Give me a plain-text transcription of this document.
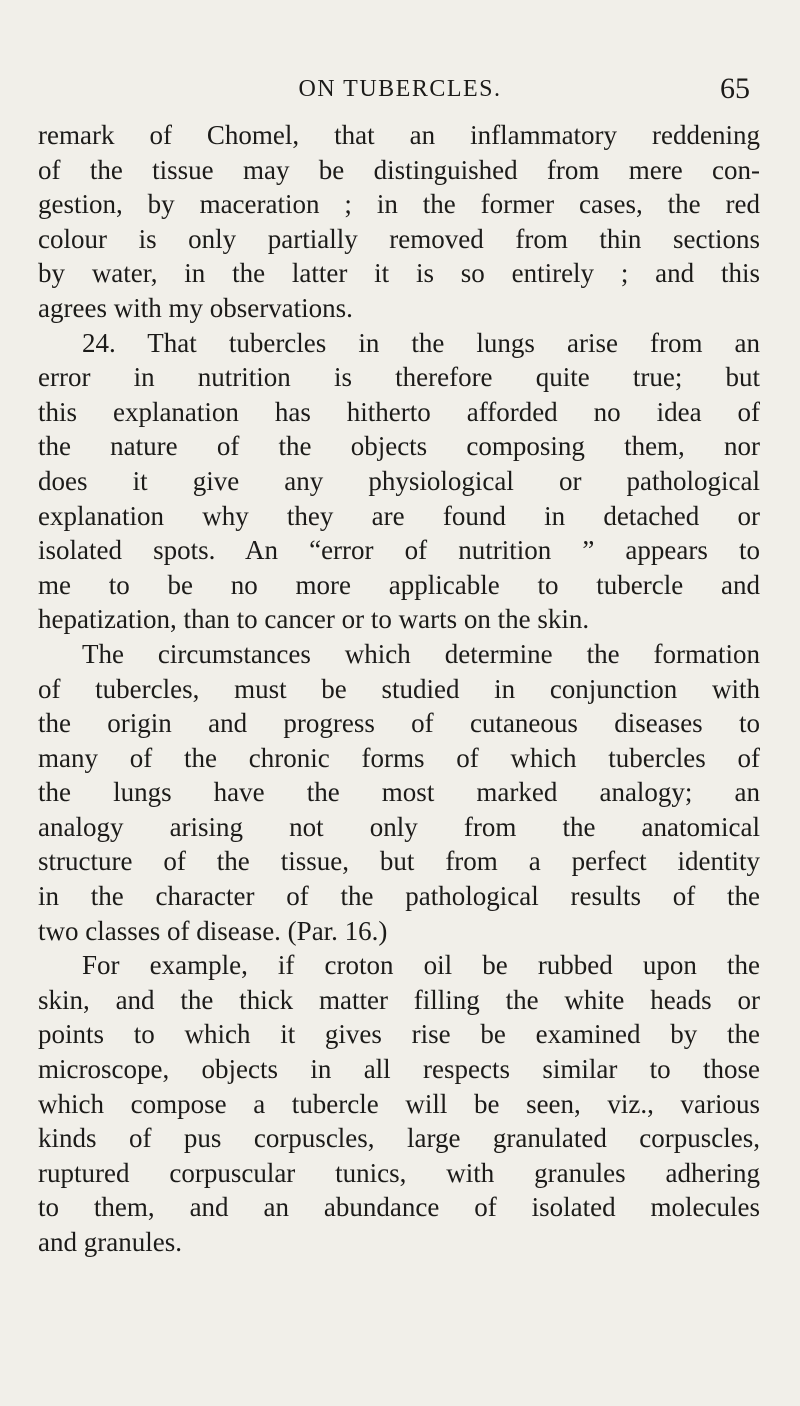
ON TUBERCLES.	65
remark of Chomel, that an inflammatory reddening
of the tissue may be distinguished from mere con-
gestion, by maceration ; in the former cases, the red
colour is only partially removed from thin sections
by water, in the latter it is so entirely ; and this
agrees with my observations.
24. That tubercles in the lungs arise from an
error in nutrition is therefore quite true; but
this explanation has hitherto afforded no idea of
the nature of the objects composing them, nor
does it give any physiological or pathological
explanation why they are found in detached or
isolated spots. An “error of nutrition ” appears to
me to be no more applicable to tubercle and
hepatization, than to cancer or to warts on the skin.
The circumstances which determine the formation
of tubercles, must be studied in conjunction with
the origin and progress of cutaneous diseases to
many of the chronic forms of which tubercles of
the lungs have the most marked analogy; an
analogy arising not only from the anatomical
structure of the tissue, but from a perfect identity
in the character of the pathological results of the
two classes of disease. (Par. 16.)
For example, if croton oil be rubbed upon the
skin, and the thick matter filling the white heads or
points to which it gives rise be examined by the
microscope, objects in all respects similar to those
which compose a tubercle will be seen, viz., various
kinds of pus corpuscles, large granulated corpuscles,
ruptured corpuscular tunics, with granules adhering
to them, and an abundance of isolated molecules
and granules.
